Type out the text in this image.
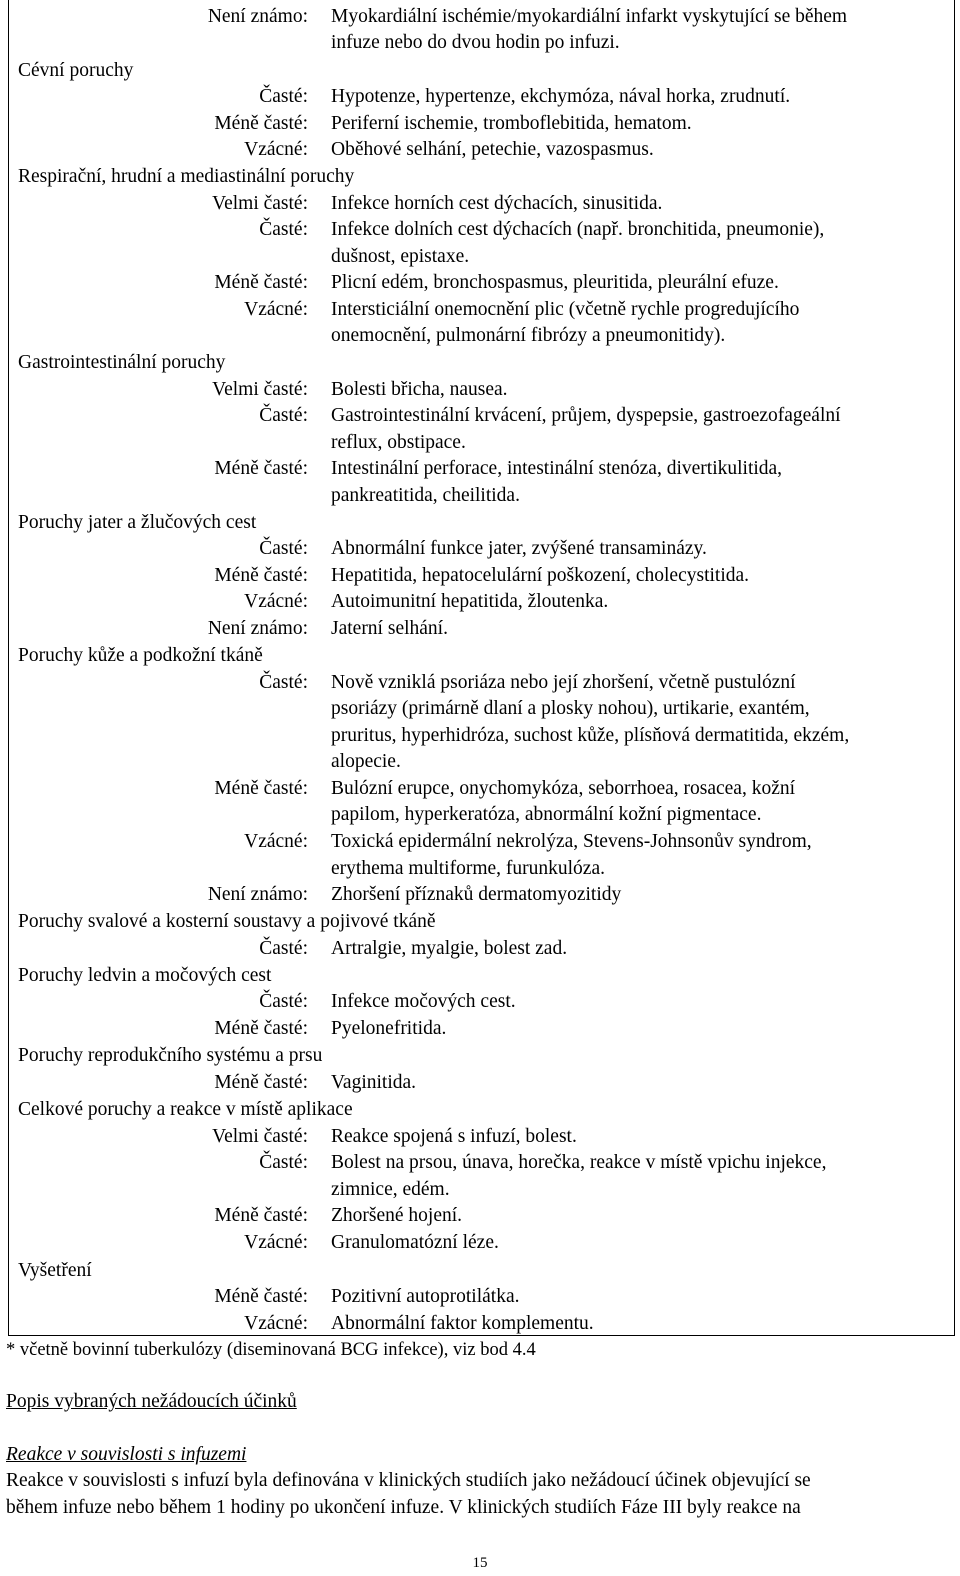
Není známo: Myokardiální ischémie/myokardiální infarkt vyskytující se během
infuze nebo do dvou hodin po infuzi.
Cévní poruchy
Časté: Hypotenze, hypertenze, ekchymóza, nával horka, zrudnutí.
Méně časté: Periferní ischemie, tromboflebitida, hematom.
Vzácné: Oběhové selhání, petechie, vazospasmus.
Respirační, hrudní a mediastinální poruchy
Velmi časté: Infekce horních cest dýchacích, sinusitida.
Časté: Infekce dolních cest dýchacích (např. bronchitida, pneumonie),
dušnost, epistaxe.
Méně časté: Plicní edém, bronchospasmus, pleuritida, pleurální efuze.
Vzácné: Intersticiální onemocnění plic (včetně rychle progredujícího
onemocnění, pulmonární fibrózy a pneumonitidy).
Gastrointestinální poruchy
Velmi časté: Bolesti břicha, nausea.
Časté: Gastrointestinální krvácení, průjem, dyspepsie, gastroezofageální
reflux, obstipace.
Méně časté: Intestinální perforace, intestinální stenóza, divertikulitida,
pankreatitida, cheilitida.
Poruchy jater a žlučových cest
Časté: Abnormální funkce jater, zvýšené transaminázy.
Méně časté: Hepatitida, hepatocelulární poškození, cholecystitida.
Vzácné: Autoimunitní hepatitida, žloutenka.
Není známo: Jaterní selhání.
Poruchy kůže a podkožní tkáně
Časté: Nově vzniklá psoriáza nebo její zhoršení, včetně pustulózní
psoriázy (primárně dlaní a plosky nohou), urtikarie, exantém,
pruritus, hyperhidróza, suchost kůže, plísňová dermatitida, ekzém,
alopecie.
Méně časté: Bulózní erupce, onychomykóza, seborrhoea, rosacea, kožní
papilom, hyperkeratóza, abnormální kožní pigmentace.
Vzácné: Toxická epidermální nekrolýza, Stevens-Johnsonův syndrom,
erythema multiforme, furunkulóza.
Není známo: Zhoršení příznaků dermatomyozitidy
Poruchy svalové a kosterní soustavy a pojivové tkáně
Časté: Artralgie, myalgie, bolest zad.
Poruchy ledvin a močových cest
Časté: Infekce močových cest.
Méně časté: Pyelonefritida.
Poruchy reprodukčního systému a prsu
Méně časté: Vaginitida.
Celkové poruchy a reakce v místě aplikace
Velmi časté: Reakce spojená s infuzí, bolest.
Časté: Bolest na prsou, únava, horečka, reakce v místě vpichu injekce,
zimnice, edém.
Méně časté: Zhoršené hojení.
Vzácné: Granulomatózní léze.
Vyšetření
Méně časté: Pozitivní autoprotilátka.
Vzácné: Abnormální faktor komplementu.
* včetně bovinní tuberkulózy (diseminovaná BCG infekce), viz bod 4.4
Popis vybraných nežádoucích účinků
Reakce v souvislosti s infuzemi
Reakce v souvislosti s infuzí byla definována v klinických studiích jako nežádoucí účinek objevující se
během infuze nebo během 1 hodiny po ukončení infuze. V klinických studiích Fáze III byly reakce na
15
